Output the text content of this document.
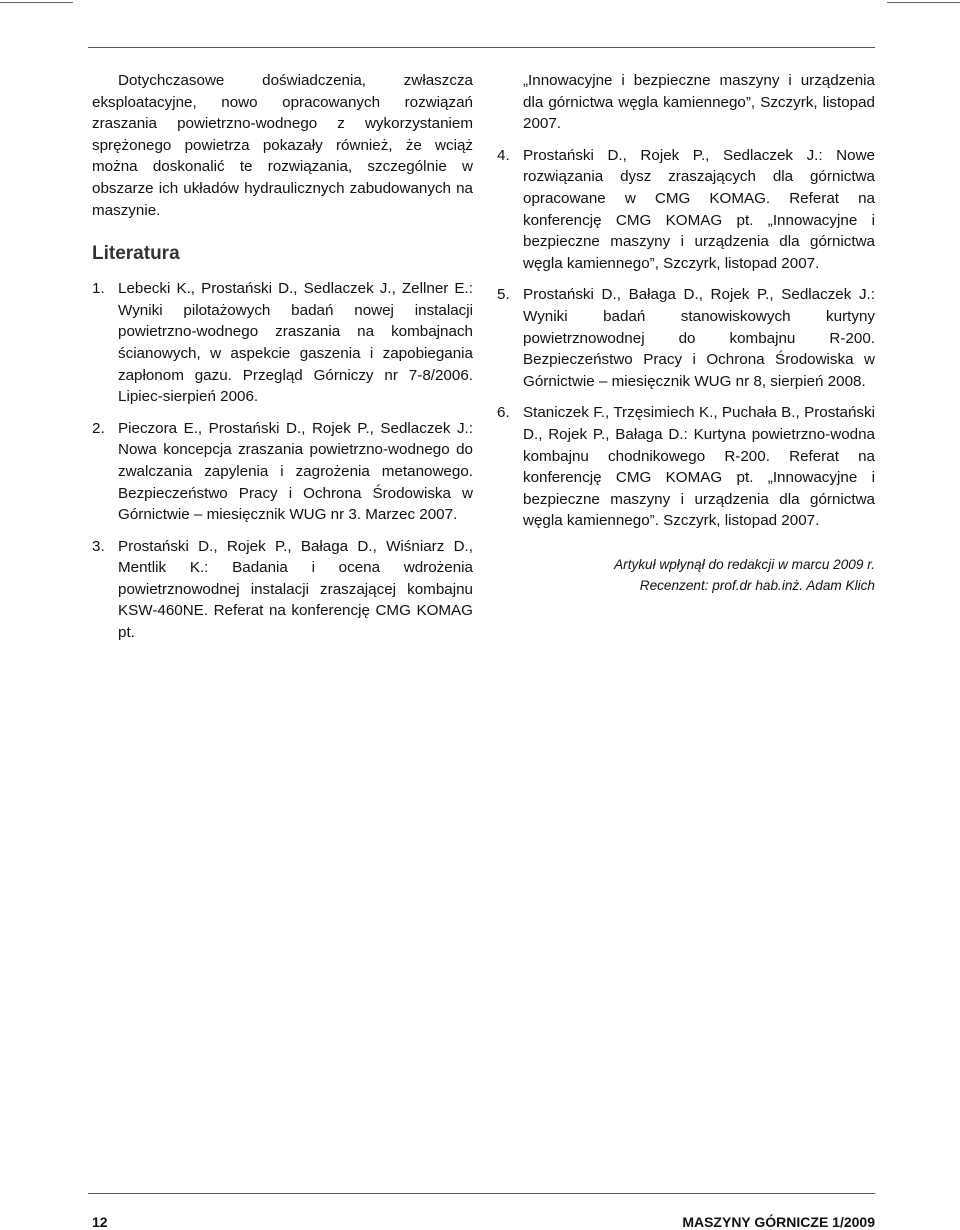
Dotychczasowe doświadczenia, zwłaszcza eksploatacyjne, nowo opracowanych rozwiązań zraszania powietrzno-wodnego z wykorzystaniem sprężonego powietrza pokazały również, że wciąż można doskonalić te rozwiązania, szczególnie w obszarze ich układów hydraulicznych zabudowanych na maszynie.

Literatura
1. Lebecki K., Prostański D., Sedlaczek J., Zellner E.: Wyniki pilotażowych badań nowej instalacji powietrzno-wodnego zraszania na kombajnach ścianowych, w aspekcie gaszenia i zapobiegania zapłonom gazu. Przegląd Górniczy nr 7-8/2006. Lipiec-sierpień 2006.
2. Pieczora E., Prostański D., Rojek P., Sedlaczek J.: Nowa koncepcja zraszania powietrzno-wodnego do zwalczania zapylenia i zagrożenia metanowego. Bezpieczeństwo Pracy i Ochrona Środowiska w Górnictwie – miesięcznik WUG nr 3. Marzec 2007.
3. Prostański D., Rojek P., Bałaga D., Wiśniarz D., Mentlik K.: Badania i ocena wdrożenia powietrznowodnej instalacji zraszającej kombajnu KSW-460NE. Referat na konferencję CMG KOMAG pt.
„Innowacyjne i bezpieczne maszyny i urządzenia dla górnictwa węgla kamiennego”, Szczyrk, listopad 2007.
4. Prostański D., Rojek P., Sedlaczek J.: Nowe rozwiązania dysz zraszających dla górnictwa opracowane w CMG KOMAG. Referat na konferencję CMG KOMAG pt. „Innowacyjne i bezpieczne maszyny i urządzenia dla górnictwa węgla kamiennego”, Szczyrk, listopad 2007.
5. Prostański D., Bałaga D., Rojek P., Sedlaczek J.: Wyniki badań stanowiskowych kurtyny powietrznowodnej do kombajnu R-200. Bezpieczeństwo Pracy i Ochrona Środowiska w Górnictwie – miesięcznik WUG nr 8, sierpień 2008.
6. Staniczek F., Trzęsimiech K., Puchała B., Prostański D., Rojek P., Bałaga D.: Kurtyna powietrzno-wodna kombajnu chodnikowego R-200. Referat na konferencję CMG KOMAG pt. „Innowacyjne i bezpieczne maszyny i urządzenia dla górnictwa węgla kamiennego”. Szczyrk, listopad 2007.
Artykuł wpłynął do redakcji w marcu 2009 r.
Recenzent: prof.dr hab.inż. Adam Klich
12	MASZYNY GÓRNICZE 1/2009
